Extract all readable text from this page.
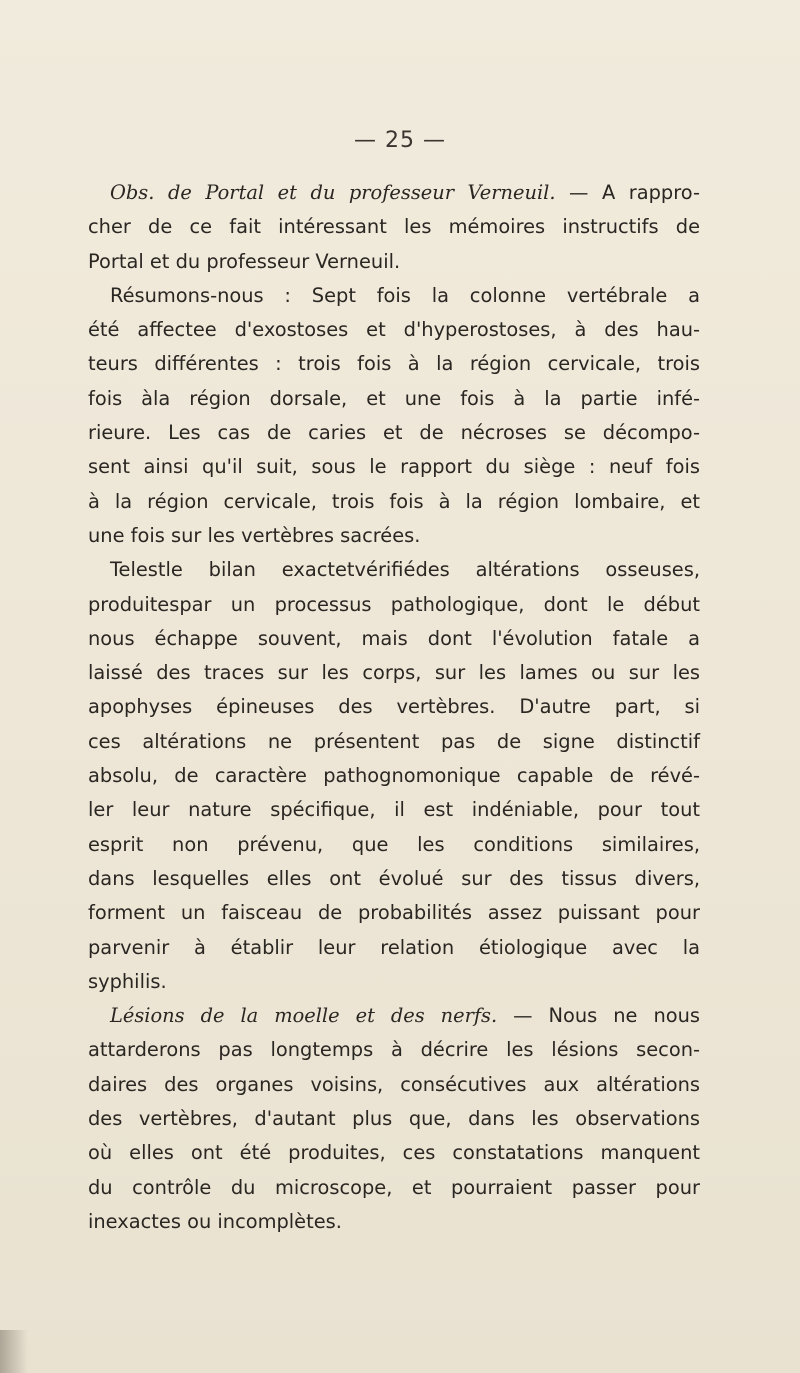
— 25 —

Obs. de Portal et du professeur Verneuil. — A rappro-
cher de ce fait intéressant les mémoires instructifs de
Portal et du professeur Verneuil.
Résumons-nous : Sept fois la colonne vertébrale a
été affectee d'exostoses et d'hyperostoses, à des hau-
teurs différentes : trois fois à la région cervicale, trois
fois àla région dorsale, et une fois à la partie infé-
rieure. Les cas de caries et de nécroses se décompo-
sent ainsi qu'il suit, sous le rapport du siège : neuf fois
à la région cervicale, trois fois à la région lombaire, et
une fois sur les vertèbres sacrées.
Telestle bilan exactetvérifiédes altérations osseuses,
produitespar un processus pathologique, dont le début
nous échappe souvent, mais dont l'évolution fatale a
laissé des traces sur les corps, sur les lames ou sur les
apophyses épineuses des vertèbres. D'autre part, si
ces altérations ne présentent pas de signe distinctif
absolu, de caractère pathognomonique capable de révé-
ler leur nature spécifique, il est indéniable, pour tout
esprit non prévenu, que les conditions similaires,
dans lesquelles elles ont évolué sur des tissus divers,
forment un faisceau de probabilités assez puissant pour
parvenir à établir leur relation étiologique avec la
syphilis.
Lésions de la moelle et des nerfs. — Nous ne nous
attarderons pas longtemps à décrire les lésions secon-
daires des organes voisins, consécutives aux altérations
des vertèbres, d'autant plus que, dans les observations
où elles ont été produites, ces constatations manquent
du contrôle du microscope, et pourraient passer pour
inexactes ou incomplètes.
